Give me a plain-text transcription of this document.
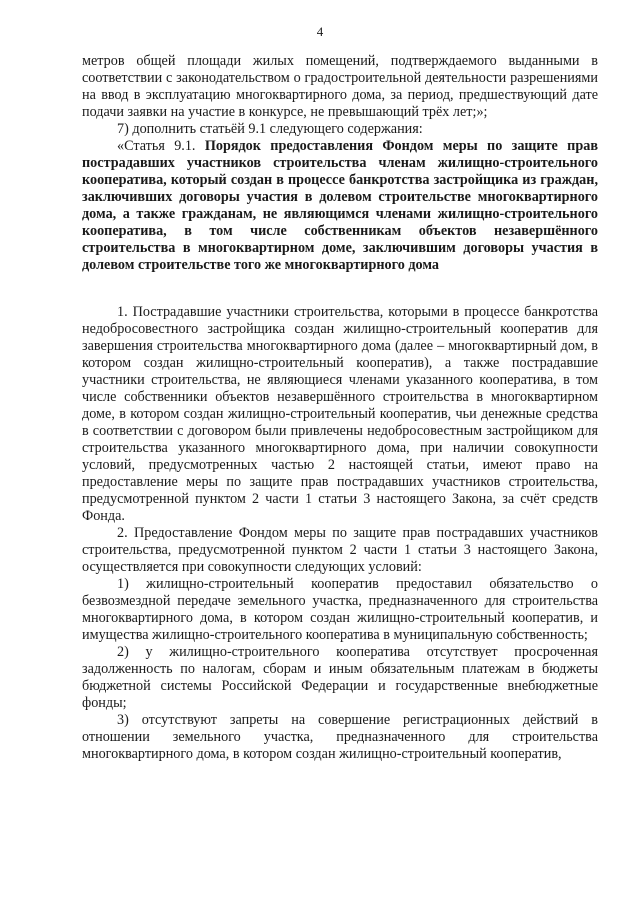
4

метров общей площади жилых помещений, подтверждаемого выданными в соответствии с законодательством о градостроительной деятельности разрешениями на ввод в эксплуатацию многоквартирного дома, за период, предшествующий дате подачи заявки на участие в конкурсе, не превышающий трёх лет;»;

7) дополнить статьёй 9.1 следующего содержания:

«Статья 9.1. Порядок предоставления Фондом меры по защите прав пострадавших участников строительства членам жилищно-строительного кооператива, который создан в процессе банкротства застройщика из граждан, заключивших договоры участия в долевом строительстве многоквартирного дома, а также гражданам, не являющимся членами жилищно-строительного кооператива, в том числе собственникам объектов незавершённого строительства в многоквартирном доме, заключившим договоры участия в долевом строительстве того же многоквартирного дома

1. Пострадавшие участники строительства, которыми в процессе банкротства недобросовестного застройщика создан жилищно-строительный кооператив для завершения строительства многоквартирного дома (далее – многоквартирный дом, в котором создан жилищно-строительный кооператив), а также пострадавшие участники строительства, не являющиеся членами указанного кооператива, в том числе собственники объектов незавершённого строительства в многоквартирном доме, в котором создан жилищно-строительный кооператив, чьи денежные средства в соответствии с договором были привлечены недобросовестным застройщиком для строительства указанного многоквартирного дома, при наличии совокупности условий, предусмотренных частью 2 настоящей статьи, имеют право на предоставление меры по защите прав пострадавших участников строительства, предусмотренной пунктом 2 части 1 статьи 3 настоящего Закона, за счёт средств Фонда.

2. Предоставление Фондом меры по защите прав пострадавших участников строительства, предусмотренной пунктом 2 части 1 статьи 3 настоящего Закона, осуществляется при совокупности следующих условий:

1) жилищно-строительный кооператив предоставил обязательство о безвозмездной передаче земельного участка, предназначенного для строительства многоквартирного дома, в котором создан жилищно-строительный кооператив, и имущества жилищно-строительного кооператива в муниципальную собственность;

2) у жилищно-строительного кооператива отсутствует просроченная задолженность по налогам, сборам и иным обязательным платежам в бюджеты бюджетной системы Российской Федерации и государственные внебюджетные фонды;

3) отсутствуют запреты на совершение регистрационных действий в отношении земельного участка, предназначенного для строительства многоквартирного дома, в котором создан жилищно-строительный кооператив,
